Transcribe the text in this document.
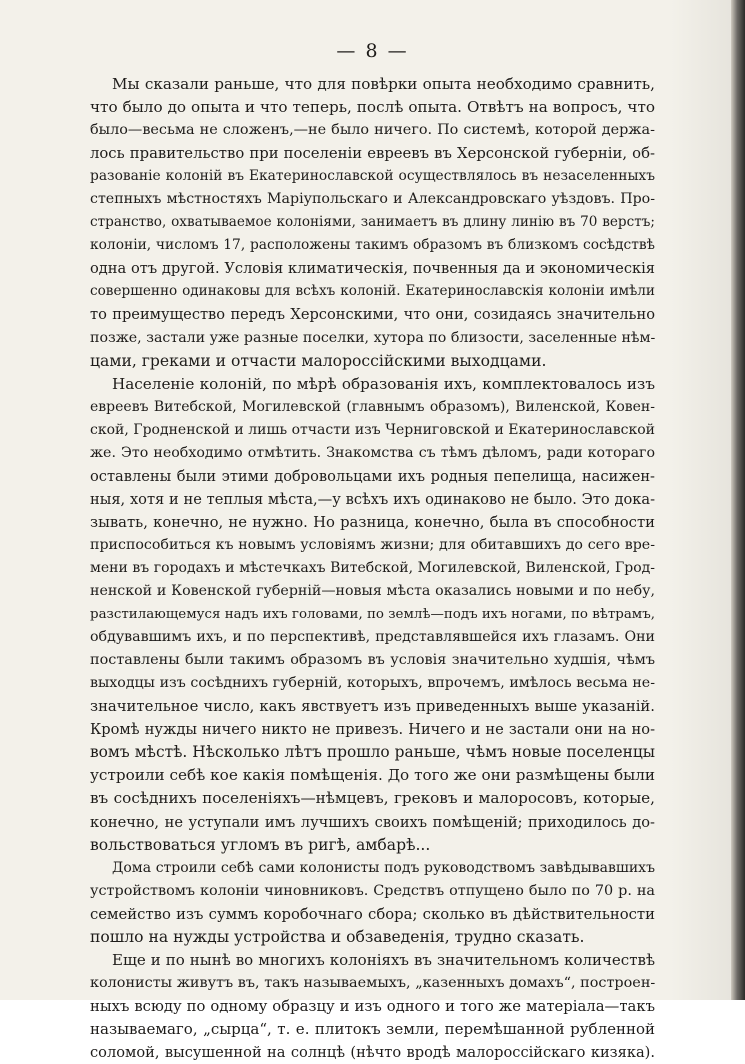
— 8 —
Мы сказали раньше, что для повѣрки опыта необходимо сравнить,
что было до опыта и что теперь, послѣ опыта. Отвѣтъ на вопросъ, что
было—весьма не сложенъ,—не было ничего. По системѣ, которой держа-
лось правительство при поселеніи евреевъ въ Херсонской губерніи, об-
разованіе колоній въ Екатеринославской осуществлялось въ незаселенныхъ
степныхъ мѣстностяхъ Маріупольскаго и Александровскаго уѣздовъ. Про-
странство, охватываемое колоніями, занимаетъ въ длину линію въ 70 верстъ;
колоніи, числомъ 17, расположены такимъ образомъ въ близкомъ сосѣдствѣ
одна отъ другой. Условія климатическія, почвенныя да и экономическія
совершенно одинаковы для всѣхъ колоній. Екатеринославскія колоніи имѣли
то преимущество передъ Херсонскими, что они, созидаясь значительно
позже, застали уже разные поселки, хутора по близости, заселенные нѣм-
цами, греками и отчасти малороссійскими выходцами.
Населеніе колоній, по мѣрѣ образованія ихъ, комплектовалось изъ
евреевъ Витебской, Могилевской (главнымъ образомъ), Виленской, Ковен-
ской, Гродненской и лишь отчасти изъ Черниговской и Екатеринославской
же. Это необходимо отмѣтить. Знакомства съ тѣмъ дѣломъ, ради котораго
оставлены были этими добровольцами ихъ родныя пепелища, насижен-
ныя, хотя и не теплыя мѣста,—у всѣхъ ихъ одинаково не было. Это дока-
зывать, конечно, не нужно. Но разница, конечно, была въ способности
приспособиться къ новымъ условіямъ жизни; для обитавшихъ до сего вре-
мени въ городахъ и мѣстечкахъ Витебской, Могилевской, Виленской, Грод-
ненской и Ковенской губерній—новыя мѣста оказались новыми и по небу,
разстилающемуся надъ ихъ головами, по землѣ—подъ ихъ ногами, по вѣтрамъ,
обдувавшимъ ихъ, и по перспективѣ, представлявшейся ихъ глазамъ. Они
поставлены были такимъ образомъ въ условія значительно худшія, чѣмъ
выходцы изъ сосѣднихъ губерній, которыхъ, впрочемъ, имѣлось весьма не-
значительное число, какъ явствуетъ изъ приведенныхъ выше указаній.
Кромѣ нужды ничего никто не привезъ. Ничего и не застали они на но-
вомъ мѣстѣ. Нѣсколько лѣтъ прошло раньше, чѣмъ новые поселенцы
устроили себѣ кое какія помѣщенія. До того же они размѣщены были
въ сосѣднихъ поселеніяхъ—нѣмцевъ, грековъ и малоросовъ, которые,
конечно, не уступали имъ лучшихъ своихъ помѣщеній; приходилось до-
вольствоваться угломъ въ ригѣ, амбарѣ...
Дома строили себѣ сами колонисты подъ руководствомъ завѣдывавшихъ
устройствомъ колоніи чиновниковъ. Средствъ отпущено было по 70 р. на
семейство изъ суммъ коробочнаго сбора; сколько въ дѣйствительности
пошло на нужды устройства и обзаведенія, трудно сказать.
Еще и по нынѣ во многихъ колоніяхъ въ значительномъ количествѣ
колонисты живутъ въ, такъ называемыхъ, „казенныхъ домахъ“, построен-
ныхъ всюду по одному образцу и изъ одного и того же матеріала—такъ
называемаго, „сырца“, т. е. плитокъ земли, перемѣшанной рубленной
соломой, высушенной на солнцѣ (нѣчто вродѣ малороссійскаго кизяка).
